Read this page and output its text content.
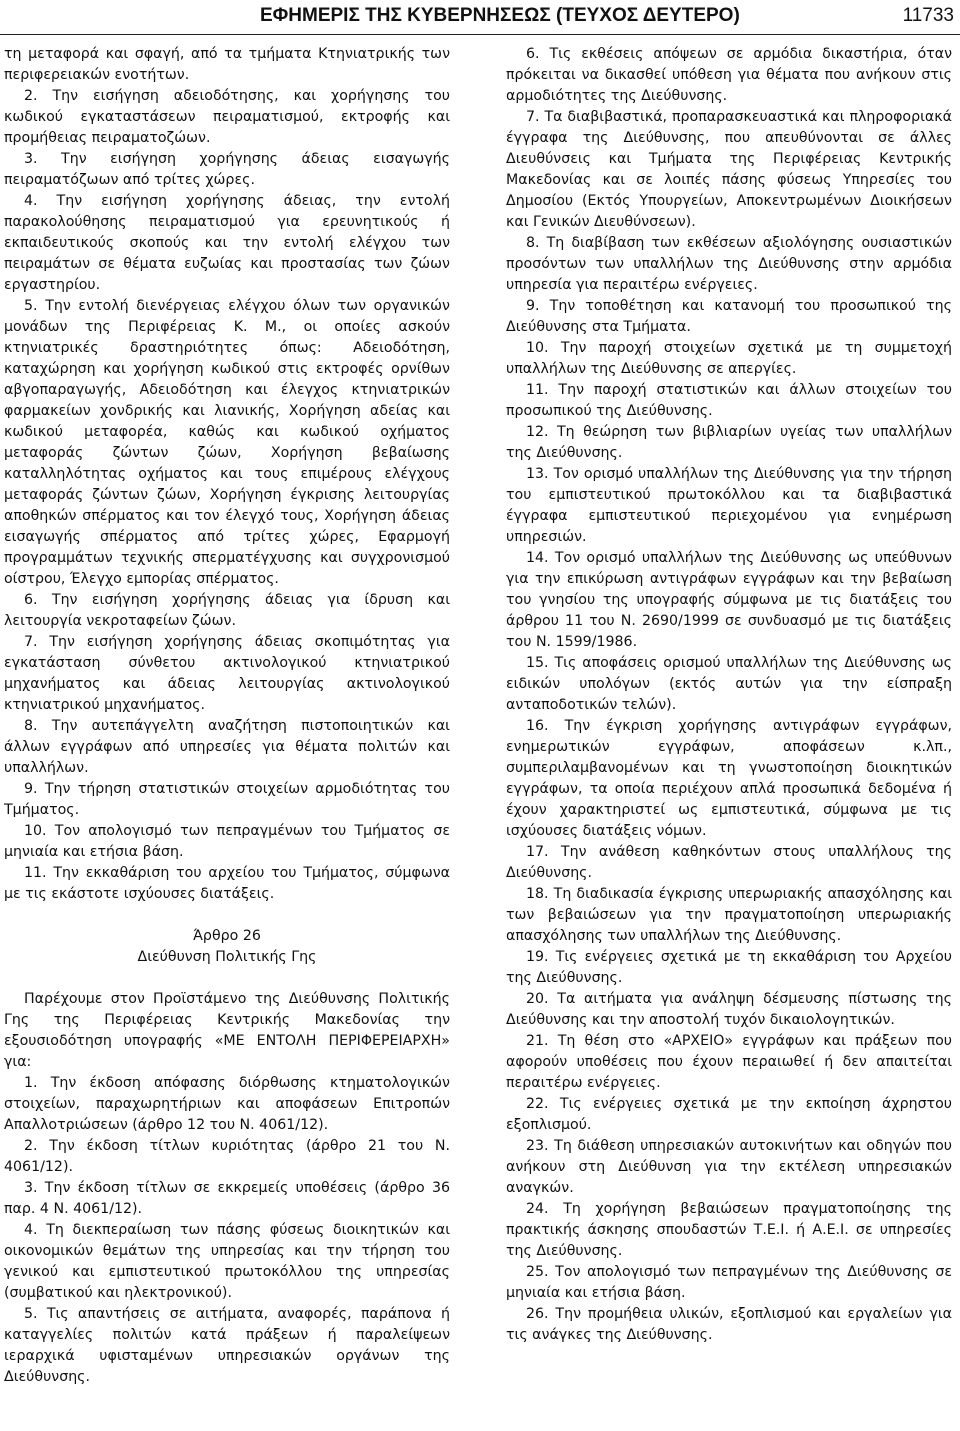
ΕΦΗΜΕΡΙΣ ΤΗΣ ΚΥΒΕΡΝΗΣΕΩΣ (ΤΕΥΧΟΣ ΔΕΥΤΕΡΟ)	11733

τη μεταφορά και σφαγή, από τα τμήματα Κτηνιατρικής των περιφερειακών ενοτήτων.

2. Την εισήγηση αδειοδότησης, και χορήγησης του κωδικού εγκαταστάσεων πειραματισμού, εκτροφής και προμήθειας πειραματοζώων.

3. Την εισήγηση χορήγησης άδειας εισαγωγής πειραματόζωων από τρίτες χώρες.

4. Την εισήγηση χορήγησης άδειας, την εντολή παρακολούθησης πειραματισμού για ερευνητικούς ή εκπαιδευτικούς σκοπούς και την εντολή ελέγχου των πειραμάτων σε θέματα ευζωίας και προστασίας των ζώων εργαστηρίου.

5. Την εντολή διενέργειας ελέγχου όλων των οργανικών μονάδων της Περιφέρειας Κ. Μ., οι οποίες ασκούν κτηνιατρικές δραστηριότητες όπως: Αδειοδότηση, καταχώρηση και χορήγηση κωδικού στις εκτροφές ορνίθων αβγοπαραγωγής, Αδειοδότηση και έλεγχος κτηνιατρικών φαρμακείων χονδρικής και λιανικής, Χορήγηση αδείας και κωδικού μεταφορέα, καθώς και κωδικού οχήματος μεταφοράς ζώντων ζώων, Χορήγηση βεβαίωσης καταλληλότητας οχήματος και τους επιμέρους ελέγχους μεταφοράς ζώντων ζώων, Χορήγηση έγκρισης λειτουργίας αποθηκών σπέρματος και τον έλεγχό τους, Χορήγηση άδειας εισαγωγής σπέρματος από τρίτες χώρες, Εφαρμογή προγραμμάτων τεχνικής σπερματέγχυσης και συγχρονισμού οίστρου, Έλεγχο εμπορίας σπέρματος.

6. Την εισήγηση χορήγησης άδειας για ίδρυση και λειτουργία νεκροταφείων ζώων.

7. Την εισήγηση χορήγησης άδειας σκοπιμότητας για εγκατάσταση σύνθετου ακτινολογικού κτηνιατρικού μηχανήματος και άδειας λειτουργίας ακτινολογικού κτηνιατρικού μηχανήματος.

8. Την αυτεπάγγελτη αναζήτηση πιστοποιητικών και άλλων εγγράφων από υπηρεσίες για θέματα πολιτών και υπαλλήλων.

9. Την τήρηση στατιστικών στοιχείων αρμοδιότητας του Τμήματος.

10. Τον απολογισμό των πεπραγμένων του Τμήματος σε μηνιαία και ετήσια βάση.

11. Την εκκαθάριση του αρχείου του Τμήματος, σύμφωνα με τις εκάστοτε ισχύουσες διατάξεις.

Άρθρο 26

Διεύθυνση Πολιτικής Γης

Παρέχουμε στον Προϊστάμενο της Διεύθυνσης Πολιτικής Γης της Περιφέρειας Κεντρικής Μακεδονίας την εξουσιοδότηση υπογραφής «ΜΕ ΕΝΤΟΛΗ ΠΕΡΙΦΕΡΕΙΑΡΧΗ» για:

1. Την έκδοση απόφασης διόρθωσης κτηματολογικών στοιχείων, παραχωρητήριων και αποφάσεων Επιτροπών Απαλλοτριώσεων (άρθρο 12 του Ν. 4061/12).

2. Την έκδοση τίτλων κυριότητας (άρθρο 21 του Ν. 4061/12).

3. Την έκδοση τίτλων σε εκκρεμείς υποθέσεις (άρθρο 36 παρ. 4 Ν. 4061/12).

4. Τη διεκπεραίωση των πάσης φύσεως διοικητικών και οικονομικών θεμάτων της υπηρεσίας και την τήρηση του γενικού και εμπιστευτικού πρωτοκόλλου της υπηρεσίας (συμβατικού και ηλεκτρονικού).

5. Τις απαντήσεις σε αιτήματα, αναφορές, παράπονα ή καταγγελίες πολιτών κατά πράξεων ή παραλείψεων ιεραρχικά υφισταμένων υπηρεσιακών οργάνων της Διεύθυνσης.

6. Τις εκθέσεις απόψεων σε αρμόδια δικαστήρια, όταν πρόκειται να δικασθεί υπόθεση για θέματα που ανήκουν στις αρμοδιότητες της Διεύθυνσης.

7. Τα διαβιβαστικά, προπαρασκευαστικά και πληροφοριακά έγγραφα της Διεύθυνσης, που απευθύνονται σε άλλες Διευθύνσεις και Τμήματα της Περιφέρειας Κεντρικής Μακεδονίας και σε λοιπές πάσης φύσεως Υπηρεσίες του Δημοσίου (Εκτός Υπουργείων, Αποκεντρωμένων Διοικήσεων και Γενικών Διευθύνσεων).

8. Τη διαβίβαση των εκθέσεων αξιολόγησης ουσιαστικών προσόντων των υπαλλήλων της Διεύθυνσης στην αρμόδια υπηρεσία για περαιτέρω ενέργειες.

9. Την τοποθέτηση και κατανομή του προσωπικού της Διεύθυνσης στα Τμήματα.

10. Την παροχή στοιχείων σχετικά με τη συμμετοχή υπαλλήλων της Διεύθυνσης σε απεργίες.

11. Την παροχή στατιστικών και άλλων στοιχείων του προσωπικού της Διεύθυνσης.

12. Τη θεώρηση των βιβλιαρίων υγείας των υπαλλήλων της Διεύθυνσης.

13. Τον ορισμό υπαλλήλων της Διεύθυνσης για την τήρηση του εμπιστευτικού πρωτοκόλλου και τα διαβιβαστικά έγγραφα εμπιστευτικού περιεχομένου για ενημέρωση υπηρεσιών.

14. Τον ορισμό υπαλλήλων της Διεύθυνσης ως υπεύθυνων για την επικύρωση αντιγράφων εγγράφων και την βεβαίωση του γνησίου της υπογραφής σύμφωνα με τις διατάξεις του άρθρου 11 του Ν. 2690/1999 σε συνδυασμό με τις διατάξεις του Ν. 1599/1986.

15. Τις αποφάσεις ορισμού υπαλλήλων της Διεύθυνσης ως ειδικών υπολόγων (εκτός αυτών για την είσπραξη ανταποδοτικών τελών).

16. Την έγκριση χορήγησης αντιγράφων εγγράφων, ενημερωτικών εγγράφων, αποφάσεων κ.λπ., συμπεριλαμβανομένων και τη γνωστοποίηση διοικητικών εγγράφων, τα οποία περιέχουν απλά προσωπικά δεδομένα ή έχουν χαρακτηριστεί ως εμπιστευτικά, σύμφωνα με τις ισχύουσες διατάξεις νόμων.

17. Την ανάθεση καθηκόντων στους υπαλλήλους της Διεύθυνσης.

18. Τη διαδικασία έγκρισης υπερωριακής απασχόλησης και των βεβαιώσεων για την πραγματοποίηση υπερωριακής απασχόλησης των υπαλλήλων της Διεύθυνσης.

19. Τις ενέργειες σχετικά με τη εκκαθάριση του Αρχείου της Διεύθυνσης.

20. Τα αιτήματα για ανάληψη δέσμευσης πίστωσης της Διεύθυνσης και την αποστολή τυχόν δικαιολογητικών.

21. Τη θέση στο «ΑΡΧΕΙΟ» εγγράφων και πράξεων που αφορούν υποθέσεις που έχουν περαιωθεί ή δεν απαιτείται περαιτέρω ενέργειες.

22. Τις ενέργειες σχετικά με την εκποίηση άχρηστου εξοπλισμού.

23. Τη διάθεση υπηρεσιακών αυτοκινήτων και οδηγών που ανήκουν στη Διεύθυνση για την εκτέλεση υπηρεσιακών αναγκών.

24. Τη χορήγηση βεβαιώσεων πραγματοποίησης της πρακτικής άσκησης σπουδαστών Τ.Ε.Ι. ή Α.Ε.Ι. σε υπηρεσίες της Διεύθυνσης.

25. Τον απολογισμό των πεπραγμένων της Διεύθυνσης σε μηνιαία και ετήσια βάση.

26. Την προμήθεια υλικών, εξοπλισμού και εργαλείων για τις ανάγκες της Διεύθυνσης.
